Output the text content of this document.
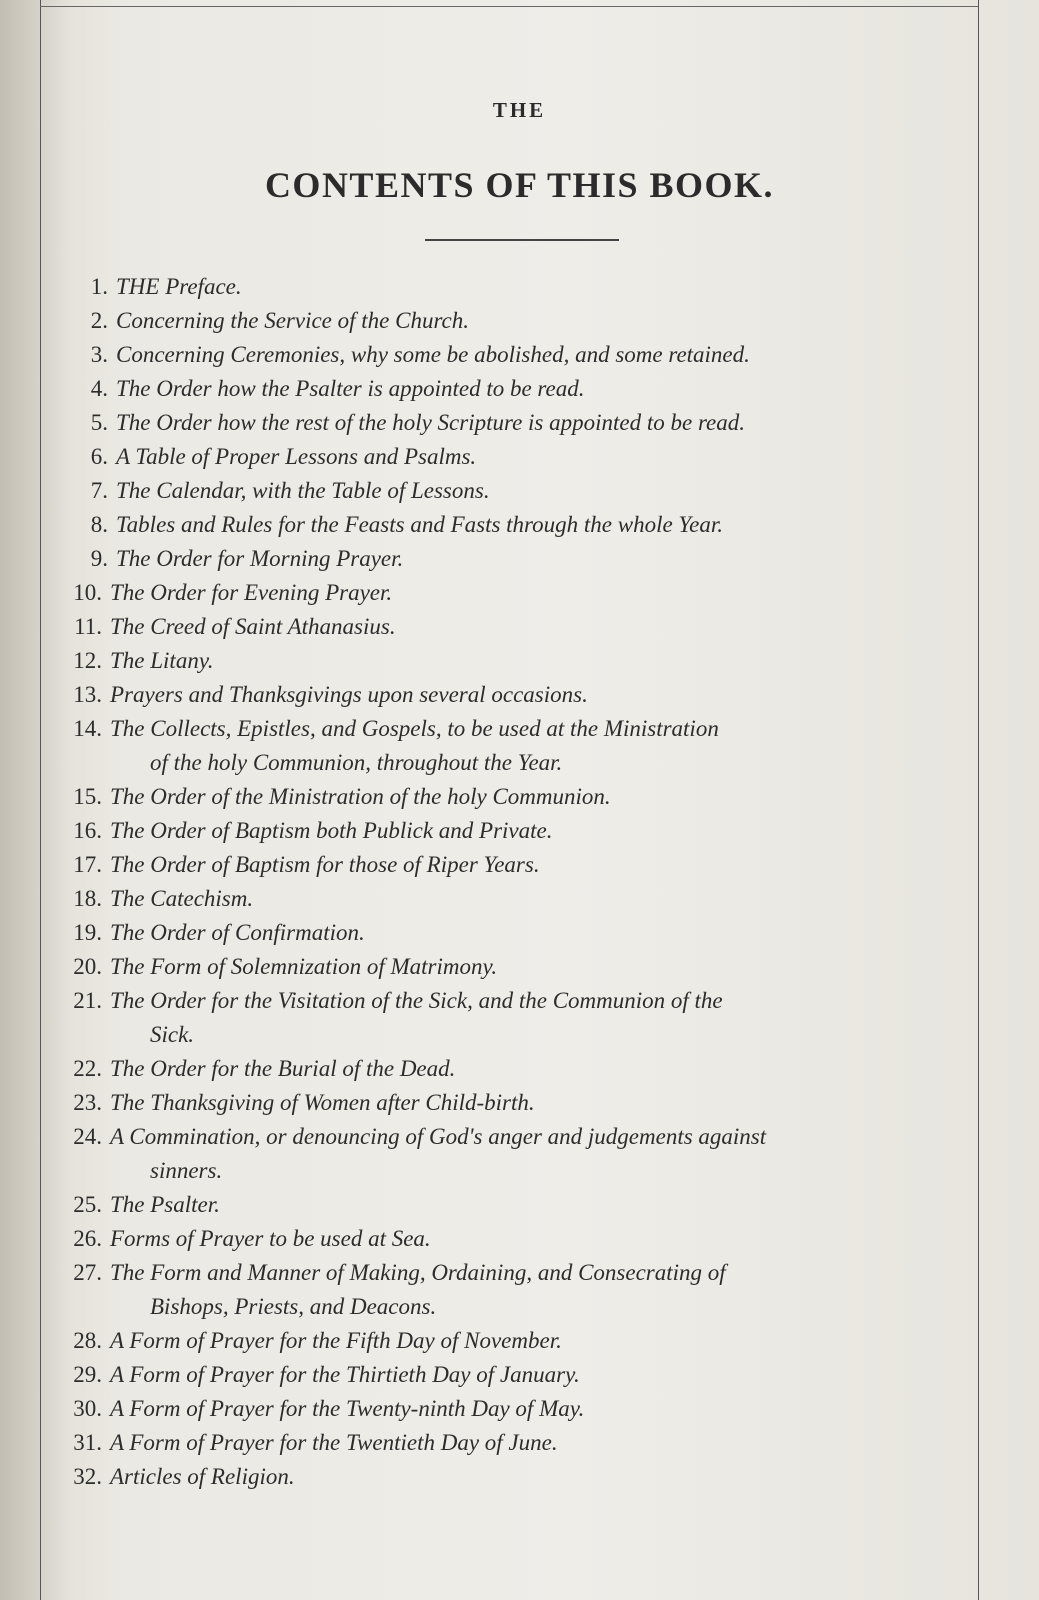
THE
CONTENTS OF THIS BOOK.
1. THE Preface.
2. Concerning the Service of the Church.
3. Concerning Ceremonies, why some be abolished, and some retained.
4. The Order how the Psalter is appointed to be read.
5. The Order how the rest of the holy Scripture is appointed to be read.
6. A Table of Proper Lessons and Psalms.
7. The Calendar, with the Table of Lessons.
8. Tables and Rules for the Feasts and Fasts through the whole Year.
9. The Order for Morning Prayer.
10. The Order for Evening Prayer.
11. The Creed of Saint Athanasius.
12. The Litany.
13. Prayers and Thanksgivings upon several occasions.
14. The Collects, Epistles, and Gospels, to be used at the Ministration
of the holy Communion, throughout the Year.
15. The Order of the Ministration of the holy Communion.
16. The Order of Baptism both Publick and Private.
17. The Order of Baptism for those of Riper Years.
18. The Catechism.
19. The Order of Confirmation.
20. The Form of Solemnization of Matrimony.
21. The Order for the Visitation of the Sick, and the Communion of the
Sick.
22. The Order for the Burial of the Dead.
23. The Thanksgiving of Women after Child-birth.
24. A Commination, or denouncing of God's anger and judgements against
sinners.
25. The Psalter.
26. Forms of Prayer to be used at Sea.
27. The Form and Manner of Making, Ordaining, and Consecrating of
Bishops, Priests, and Deacons.
28. A Form of Prayer for the Fifth Day of November.
29. A Form of Prayer for the Thirtieth Day of January.
30. A Form of Prayer for the Twenty-ninth Day of May.
31. A Form of Prayer for the Twentieth Day of June.
32. Articles of Religion.
